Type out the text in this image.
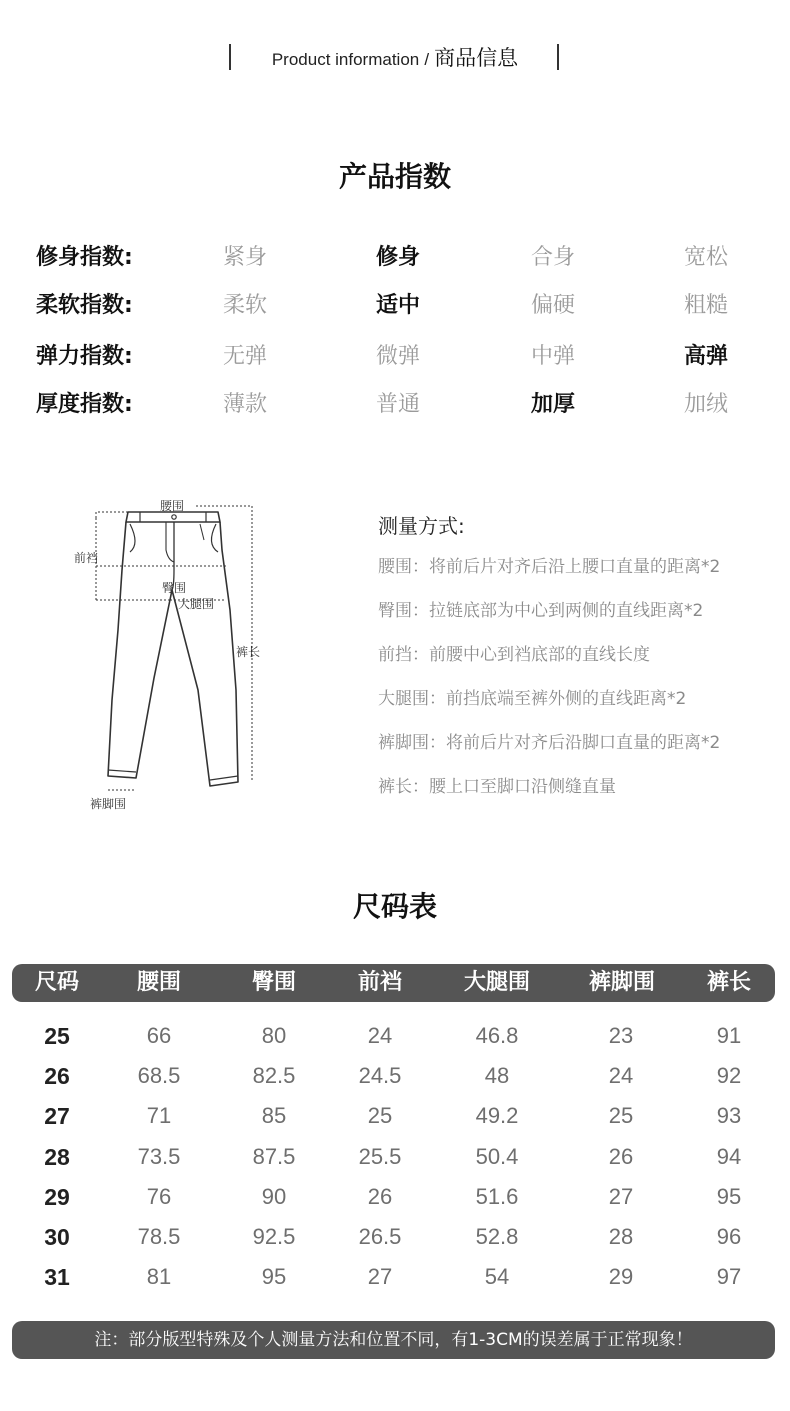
Product information / 商品信息
产品指数
修身指数:	紧身	修身	合身	宽松
柔软指数:	柔软	适中	偏硬	粗糙
弹力指数:	无弹	微弹	中弹	高弹
厚度指数:	薄款	普通	加厚	加绒
腰围
前裆
臀围
大腿围
裤长
裤脚围
测量方式:
腰围：将前后片对齐后沿上腰口直量的距离*2
臀围：拉链底部为中心到两侧的直线距离*2
前挡：前腰中心到裆底部的直线长度
大腿围：前挡底端至裤外侧的直线距离*2
裤脚围：将前后片对齐后沿脚口直量的距离*2
裤长：腰上口至脚口沿侧缝直量
尺码表
尺码	腰围	臀围	前裆	大腿围	裤脚围	裤长
25	66	80	24	46.8	23	91
26	68.5	82.5	24.5	48	24	92
27	71	85	25	49.2	25	93
28	73.5	87.5	25.5	50.4	26	94
29	76	90	26	51.6	27	95
30	78.5	92.5	26.5	52.8	28	96
31	81	95	27	54	29	97
注：部分版型特殊及个人测量方法和位置不同，有1-3CM的误差属于正常现象！
